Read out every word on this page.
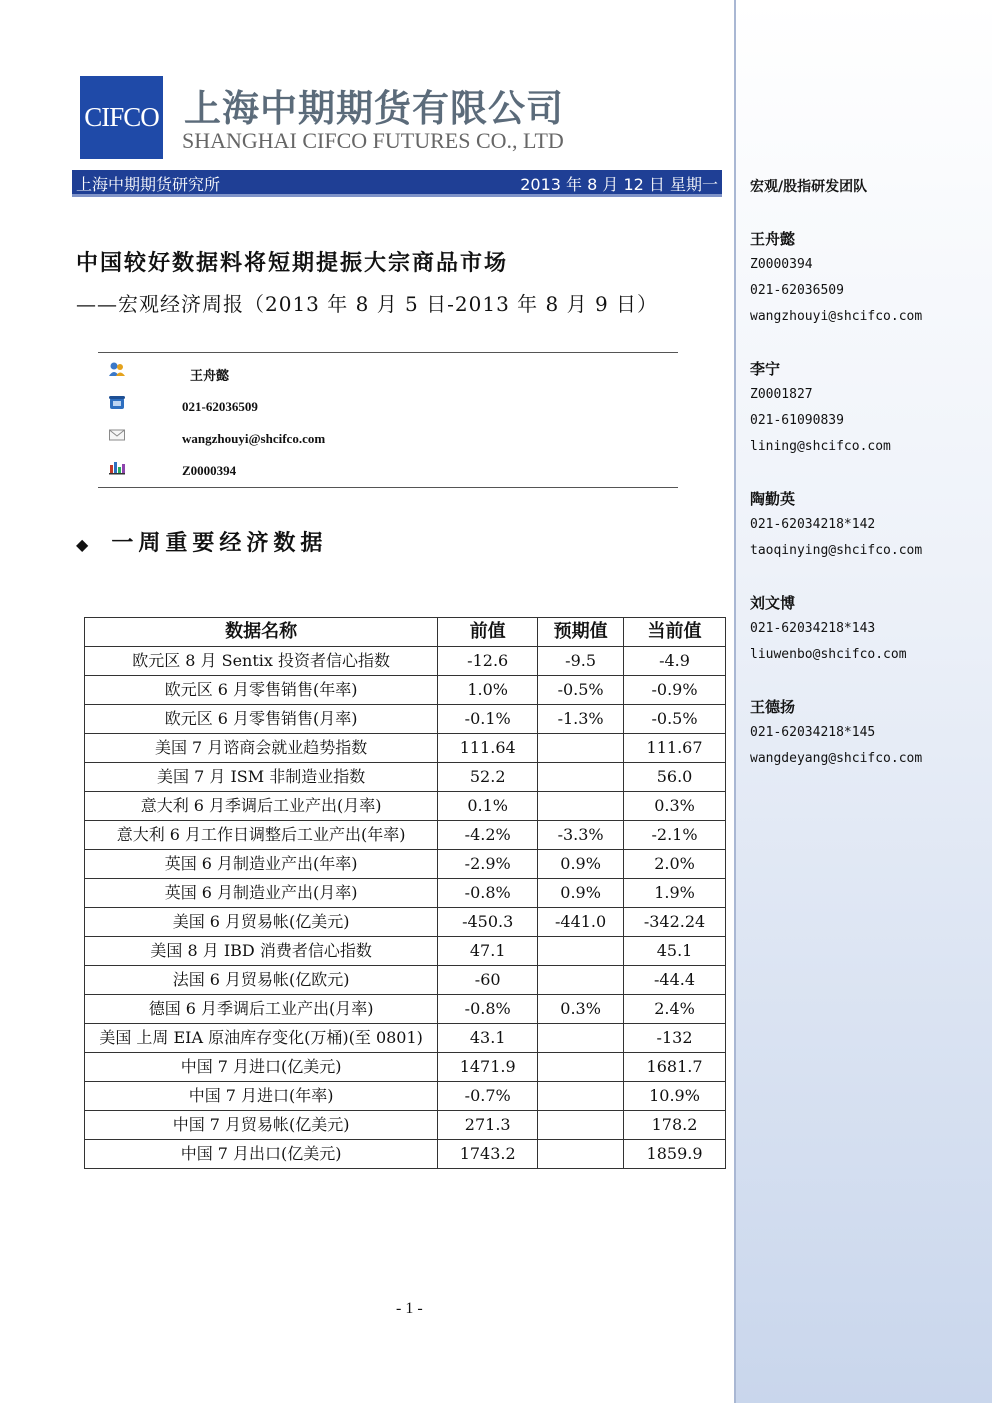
CIFCO 上海中期期货有限公司
SHANGHAI CIFCO FUTURES CO., LTD
上海中期期货研究所	2013 年 8 月 12 日 星期一
中国较好数据料将短期提振大宗商品市场
——宏观经济周报（2013 年 8 月 5 日-2013 年 8 月 9 日）
王舟懿
021-62036509
wangzhouyi@shcifco.com
Z0000394
◆ 一周重要经济数据
数据名称	前值	预期值	当前值
欧元区 8 月 Sentix 投资者信心指数	-12.6	-9.5	-4.9
欧元区 6 月零售销售(年率)	1.0%	-0.5%	-0.9%
欧元区 6 月零售销售(月率)	-0.1%	-1.3%	-0.5%
美国 7 月谘商会就业趋势指数	111.64		111.67
美国 7 月 ISM 非制造业指数	52.2		56.0
意大利 6 月季调后工业产出(月率)	0.1%		0.3%
意大利 6 月工作日调整后工业产出(年率)	-4.2%	-3.3%	-2.1%
英国 6 月制造业产出(年率)	-2.9%	0.9%	2.0%
英国 6 月制造业产出(月率)	-0.8%	0.9%	1.9%
美国 6 月贸易帐(亿美元)	-450.3	-441.0	-342.24
美国 8 月 IBD 消费者信心指数	47.1		45.1
法国 6 月贸易帐(亿欧元)	-60		-44.4
德国 6 月季调后工业产出(月率)	-0.8%	0.3%	2.4%
美国 上周 EIA 原油库存变化(万桶)(至 0801)	43.1		-132
中国 7 月进口(亿美元)	1471.9		1681.7
中国 7 月进口(年率)	-0.7%		10.9%
中国 7 月贸易帐(亿美元)	271.3		178.2
中国 7 月出口(亿美元)	1743.2		1859.9
- 1 -
宏观/股指研发团队
王舟懿
Z0000394
021-62036509
wangzhouyi@shcifco.com
李宁
Z0001827
021-61090839
lining@shcifco.com
陶勤英
021-62034218*142
taoqinying@shcifco.com
刘文博
021-62034218*143
liuwenbo@shcifco.com
王德扬
021-62034218*145
wangdeyang@shcifco.com
